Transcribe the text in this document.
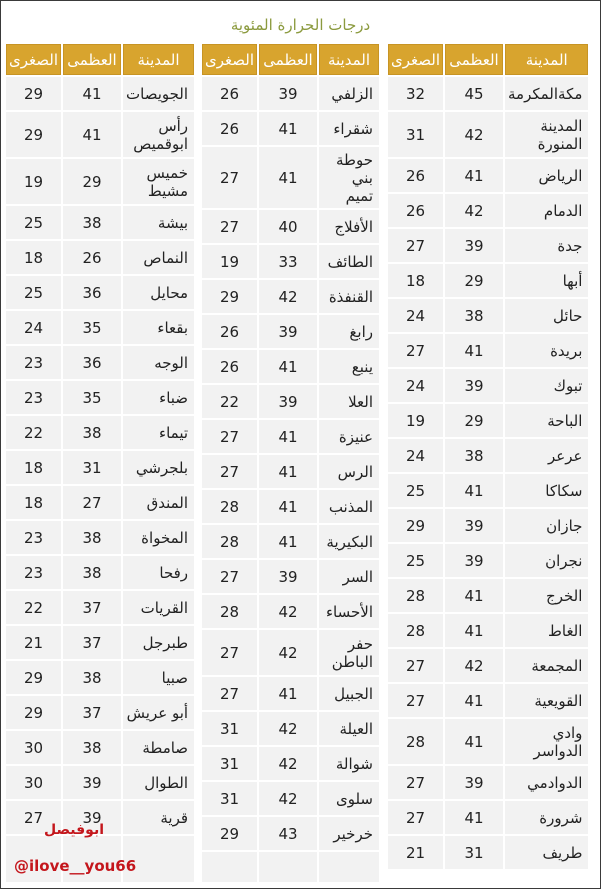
درجات الحرارة المئوية
المدينة	العظمى	الصغرى
مكةالمكرمة	45	32
المدينة المنورة	42	31
الرياض	41	26
الدمام	42	26
جدة	39	27
أبها	29	18
حائل	38	24
بريدة	41	27
تبوك	39	24
الباحة	29	19
عرعر	38	24
سكاكا	41	25
جازان	39	29
نجران	39	25
الخرج	41	28
الغاط	41	28
المجمعة	42	27
القويعية	41	27
وادي الدواسر	41	28
الدوادمي	39	27
شرورة	41	27
طريف	31	21
المدينة	العظمى	الصغرى
الزلفي	39	26
شقراء	41	26
حوطة بني تميم	41	27
الأفلاج	40	27
الطائف	33	19
القنفذة	42	29
رابغ	39	26
ينبع	41	26
العلا	39	22
عنيزة	41	27
الرس	41	27
المذنب	41	28
البكيرية	41	28
السر	39	27
الأحساء	42	28
حفر الباطن	42	27
الجبيل	41	27
العيلة	42	31
شوالة	42	31
سلوى	42	31
خرخير	43	29

المدينة	العظمى	الصغرى
الجويصات	41	29
رأس ابوقميص	41	29
خميس مشيط	29	19
بيشة	38	25
النماص	26	18
محايل	36	25
بقعاء	35	24
الوجه	36	23
ضباء	35	23
تيماء	38	22
بلجرشي	31	18
المندق	27	18
المخواة	38	23
رفحا	38	23
القريات	37	22
طبرجل	37	21
صبيا	38	29
أبو عريش	37	29
صامطة	38	30
الطوال	39	30
قرية	39	27

ابوفيصل
@ilove__you66
